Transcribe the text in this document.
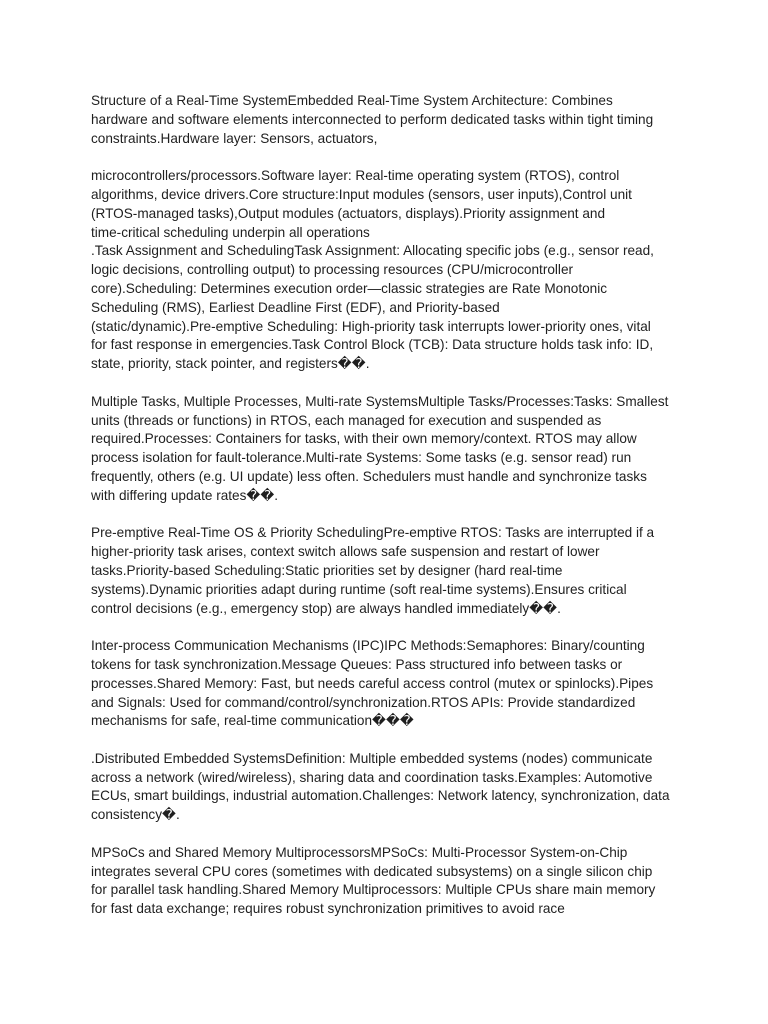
Structure of a Real-Time SystemEmbedded Real-Time System Architecture: Combines
hardware and software elements interconnected to perform dedicated tasks within tight timing
constraints.Hardware layer: Sensors, actuators,

microcontrollers/processors.Software layer: Real-time operating system (RTOS), control
algorithms, device drivers.Core structure:Input modules (sensors, user inputs),Control unit
(RTOS-managed tasks),Output modules (actuators, displays).Priority assignment and
time-critical scheduling underpin all operations
.Task Assignment and SchedulingTask Assignment: Allocating specific jobs (e.g., sensor read,
logic decisions, controlling output) to processing resources (CPU/microcontroller
core).Scheduling: Determines execution order—classic strategies are Rate Monotonic
Scheduling (RMS), Earliest Deadline First (EDF), and Priority-based
(static/dynamic).Pre-emptive Scheduling: High-priority task interrupts lower-priority ones, vital
for fast response in emergencies.Task Control Block (TCB): Data structure holds task info: ID,
state, priority, stack pointer, and registers��.

Multiple Tasks, Multiple Processes, Multi-rate SystemsMultiple Tasks/Processes:Tasks: Smallest
units (threads or functions) in RTOS, each managed for execution and suspended as
required.Processes: Containers for tasks, with their own memory/context. RTOS may allow
process isolation for fault-tolerance.Multi-rate Systems: Some tasks (e.g. sensor read) run
frequently, others (e.g. UI update) less often. Schedulers must handle and synchronize tasks
with differing update rates��.

Pre-emptive Real-Time OS & Priority SchedulingPre-emptive RTOS: Tasks are interrupted if a
higher-priority task arises, context switch allows safe suspension and restart of lower
tasks.Priority-based Scheduling:Static priorities set by designer (hard real-time
systems).Dynamic priorities adapt during runtime (soft real-time systems).Ensures critical
control decisions (e.g., emergency stop) are always handled immediately��.

Inter-process Communication Mechanisms (IPC)IPC Methods:Semaphores: Binary/counting
tokens for task synchronization.Message Queues: Pass structured info between tasks or
processes.Shared Memory: Fast, but needs careful access control (mutex or spinlocks).Pipes
and Signals: Used for command/control/synchronization.RTOS APIs: Provide standardized
mechanisms for safe, real-time communication���

.Distributed Embedded SystemsDefinition: Multiple embedded systems (nodes) communicate
across a network (wired/wireless), sharing data and coordination tasks.Examples: Automotive
ECUs, smart buildings, industrial automation.Challenges: Network latency, synchronization, data
consistency�.

MPSoCs and Shared Memory MultiprocessorsMPSoCs: Multi-Processor System-on-Chip
integrates several CPU cores (sometimes with dedicated subsystems) on a single silicon chip
for parallel task handling.Shared Memory Multiprocessors: Multiple CPUs share main memory
for fast data exchange; requires robust synchronization primitives to avoid race
